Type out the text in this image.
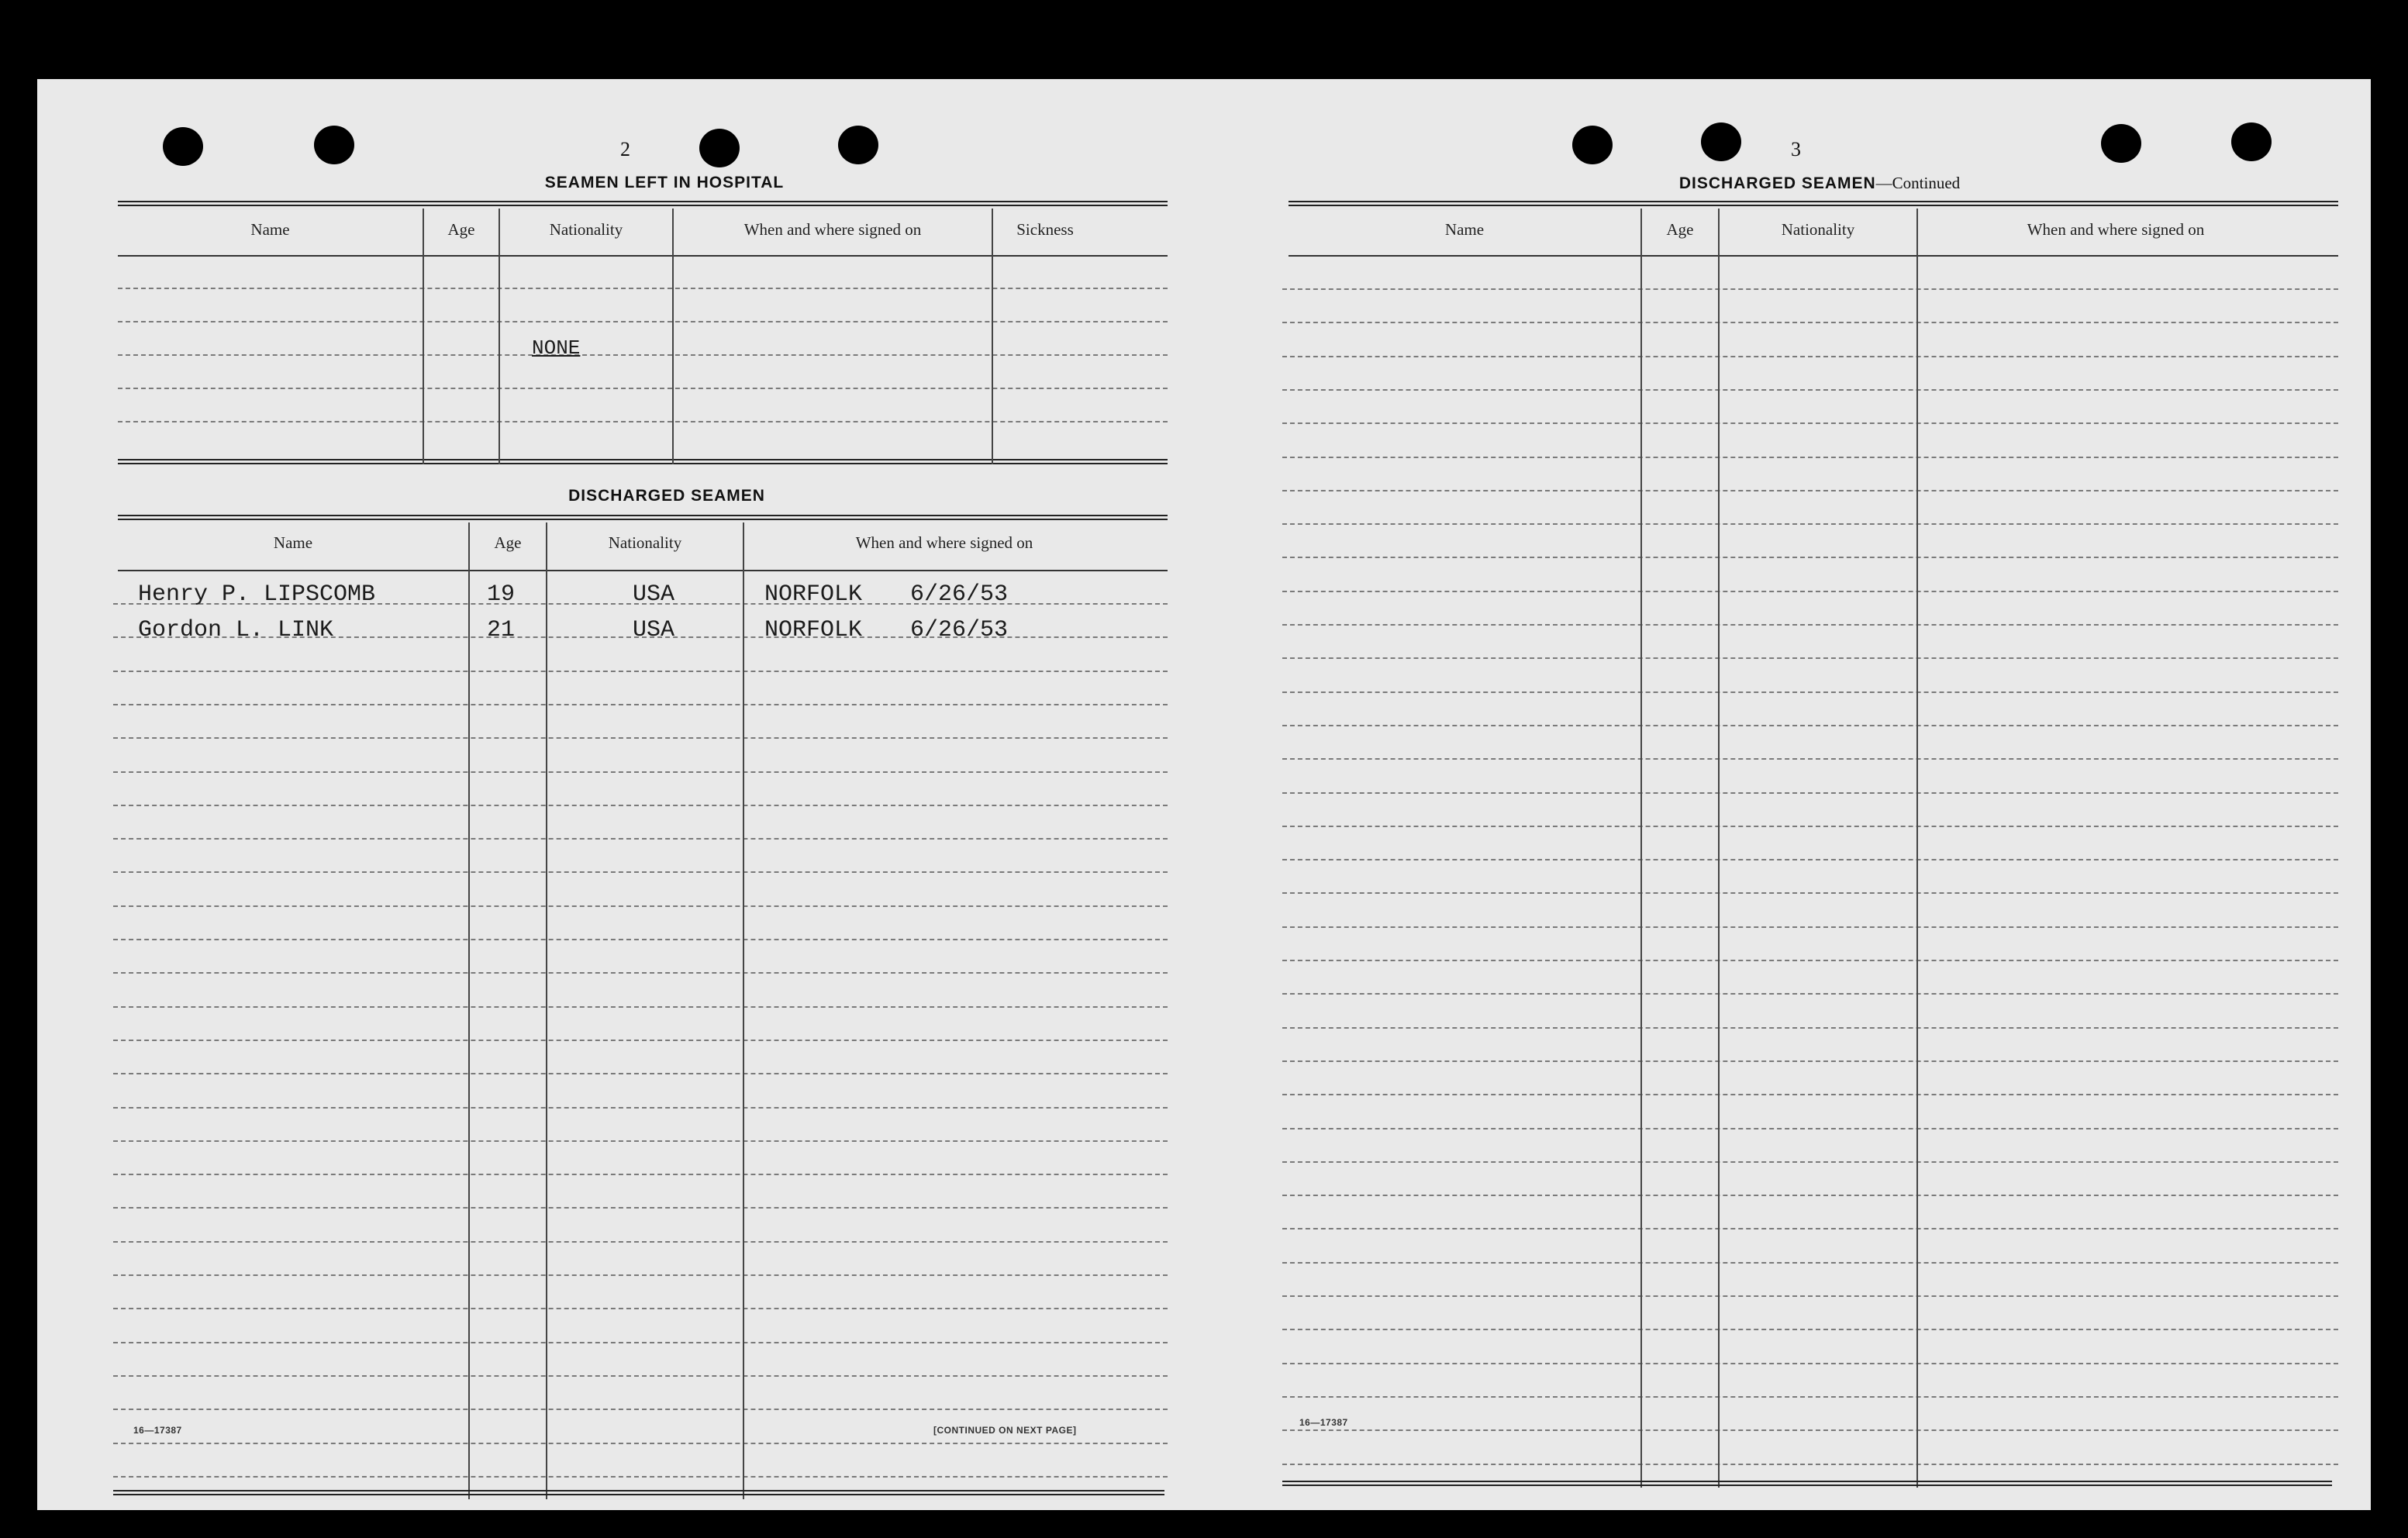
2
SEAMEN LEFT IN HOSPITAL
Name	Age	Nationality	When and where signed on	Sickness
NONE
DISCHARGED SEAMEN
Name	Age	Nationality	When and where signed on
Henry P. LIPSCOMB	19	USA	NORFOLK 6/26/53
Gordon L. LINK	21	USA	NORFOLK 6/26/53
16—17387	[CONTINUED ON NEXT PAGE]
3
DISCHARGED SEAMEN—Continued
Name	Age	Nationality	When and where signed on
16—17387
